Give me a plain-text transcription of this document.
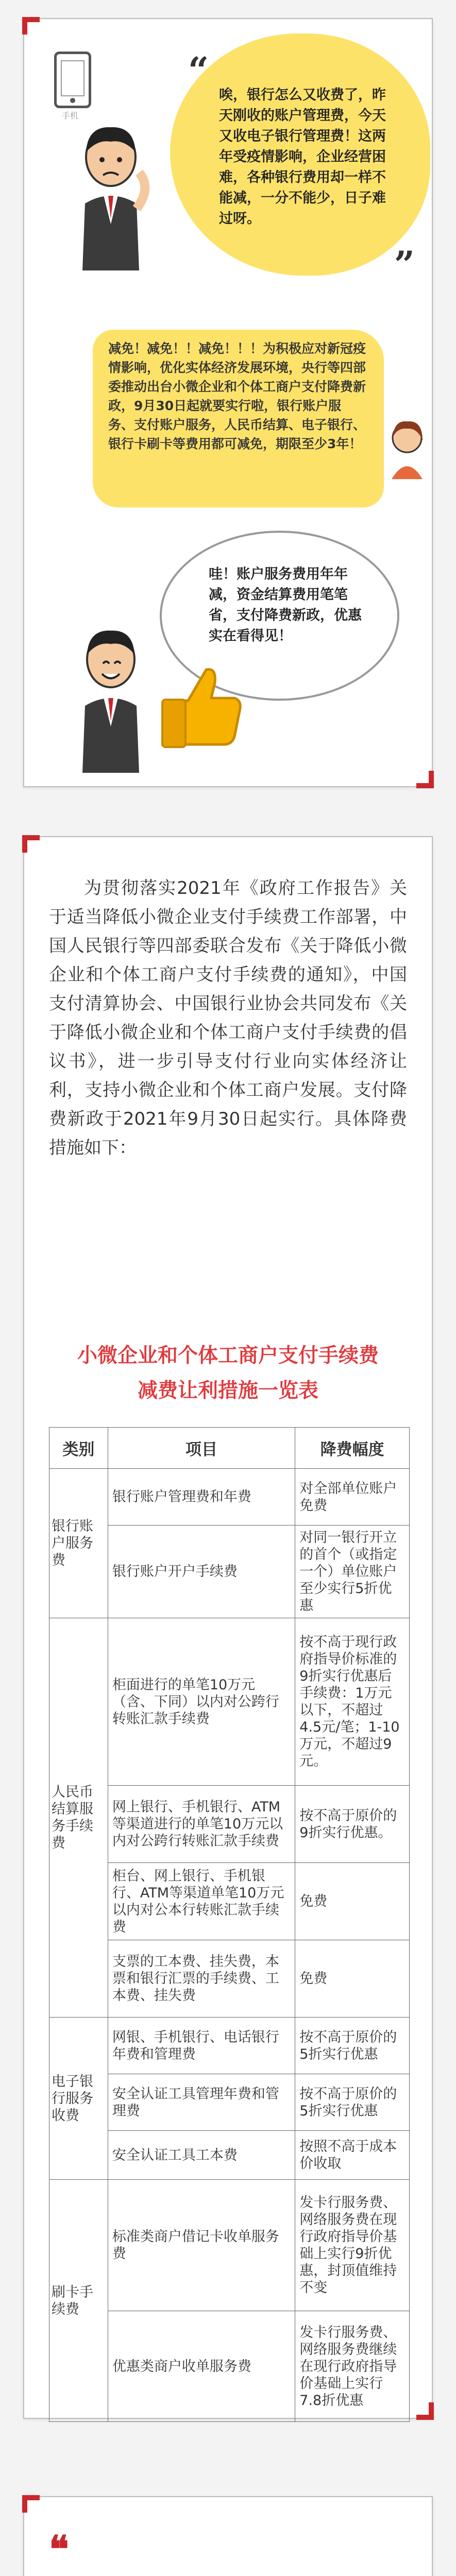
手机
“
”

唉，银行怎么又收费了，昨天刚收的账户管理费，今天又收电子银行管理费！这两年受疫情影响，企业经营困难，各种银行费用却一样不能减，一分不能少，日子难过呀。

减免！减免！！减免！！！为积极应对新冠疫情影响，优化实体经济发展环境，央行等四部委推动出台小微企业和个体工商户支付降费新政，9月30日起就要实行啦，银行账户服务、支付账户服务，人民币结算、电子银行、银行卡刷卡等费用都可减免，期限至少3年！

哇！账户服务费用年年减，资金结算费用笔笔省，支付降费新政，优惠实在看得见！

为贯彻落实2021年《政府工作报告》关于适当降低小微企业支付手续费工作部署，中国人民银行等四部委联合发布《关于降低小微企业和个体工商户支付手续费的通知》，中国支付清算协会、中国银行业协会共同发布《关于降低小微企业和个体工商户支付手续费的倡议书》，进一步引导支付行业向实体经济让利，支持小微企业和个体工商户发展。支付降费新政于2021年9月30日起实行。具体降费措施如下：

小微企业和个体工商户支付手续费
减费让利措施一览表
类别	项目	降费幅度
银行账户服务费	银行账户管理费和年费	对全部单位账户免费
	银行账户开户手续费	对同一银行开立的首个（或指定一个）单位账户至少实行5折优惠
人民币结算服务手续费	柜面进行的单笔10万元（含、下同）以内对公跨行转账汇款手续费	按不高于现行政府指导价标准的9折实行优惠后手续费：1万元以下，不超过4.5元/笔；1-10万元，不超过9元。
	网上银行、手机银行、ATM等渠道进行的单笔10万元以内对公跨行转账汇款手续费	按不高于原价的9折实行优惠。
	柜台、网上银行、手机银行、ATM等渠道单笔10万元以内对公本行转账汇款手续费	免费
	支票的工本费、挂失费，本票和银行汇票的手续费、工本费、挂失费	免费
电子银行服务收费	网银、手机银行、电话银行年费和管理费	按不高于原价的5折实行优惠
	安全认证工具管理年费和管理费	按不高于原价的5折实行优惠
	安全认证工具工本费	按照不高于成本价收取
刷卡手续费	标准类商户借记卡收单服务费	发卡行服务费、网络服务费在现行政府指导价基础上实行9折优惠，封顶值维持不变
	优惠类商户收单服务费	发卡行服务费、网络服务费继续在现行政府指导价基础上实行7.8折优惠
❝
